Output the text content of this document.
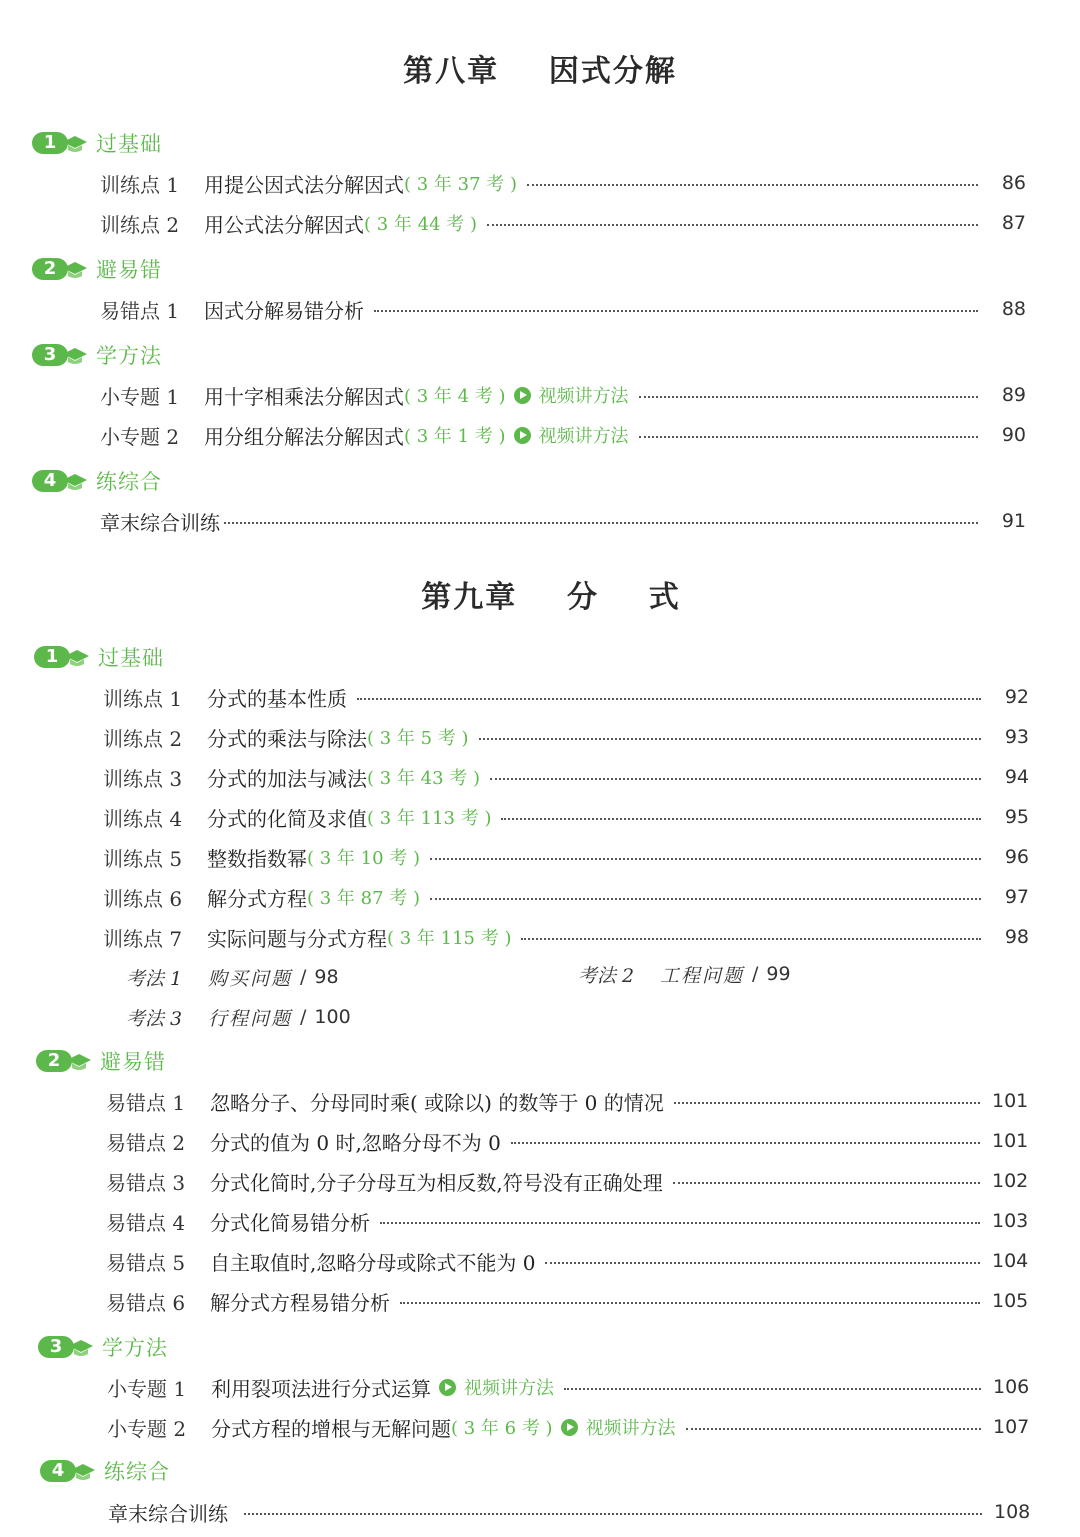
第八章    因式分解
1	过基础
训练点 1	用提公因式法分解因式 ( 3 年 37 考 )	86
训练点 2	用公式法分解因式 ( 3 年 44 考 )	87
2	避易错
易错点 1	因式分解易错分析	88
3	学方法
小专题 1	用十字相乘法分解因式 ( 3 年 4 考 ) 视频讲方法	89
小专题 2	用分组分解法分解因式 ( 3 年 1 考 ) 视频讲方法	90
4	练综合
章末综合训练	91
第九章    分    式
1	过基础
训练点 1	分式的基本性质	92
训练点 2	分式的乘法与除法 ( 3 年 5 考 )	93
训练点 3	分式的加法与减法 ( 3 年 43 考 )	94
训练点 4	分式的化简及求值 ( 3 年 113 考 )	95
训练点 5	整数指数幂 ( 3 年 10 考 )	96
训练点 6	解分式方程 ( 3 年 87 考 )	97
训练点 7	实际问题与分式方程 ( 3 年 115 考 )	98
考法 1	购买问题 / 98	考法 2	工程问题 / 99
考法 3	行程问题 / 100
2	避易错
易错点 1	忽略分子、分母同时乘( 或除以) 的数等于 0 的情况	101
易错点 2	分式的值为 0 时,忽略分母不为 0	101
易错点 3	分式化简时,分子分母互为相反数,符号没有正确处理	102
易错点 4	分式化简易错分析	103
易错点 5	自主取值时,忽略分母或除式不能为 0	104
易错点 6	解分式方程易错分析	105
3	学方法
小专题 1	利用裂项法进行分式运算 视频讲方法	106
小专题 2	分式方程的增根与无解问题 ( 3 年 6 考 ) 视频讲方法	107
4	练综合
章末综合训练	108
